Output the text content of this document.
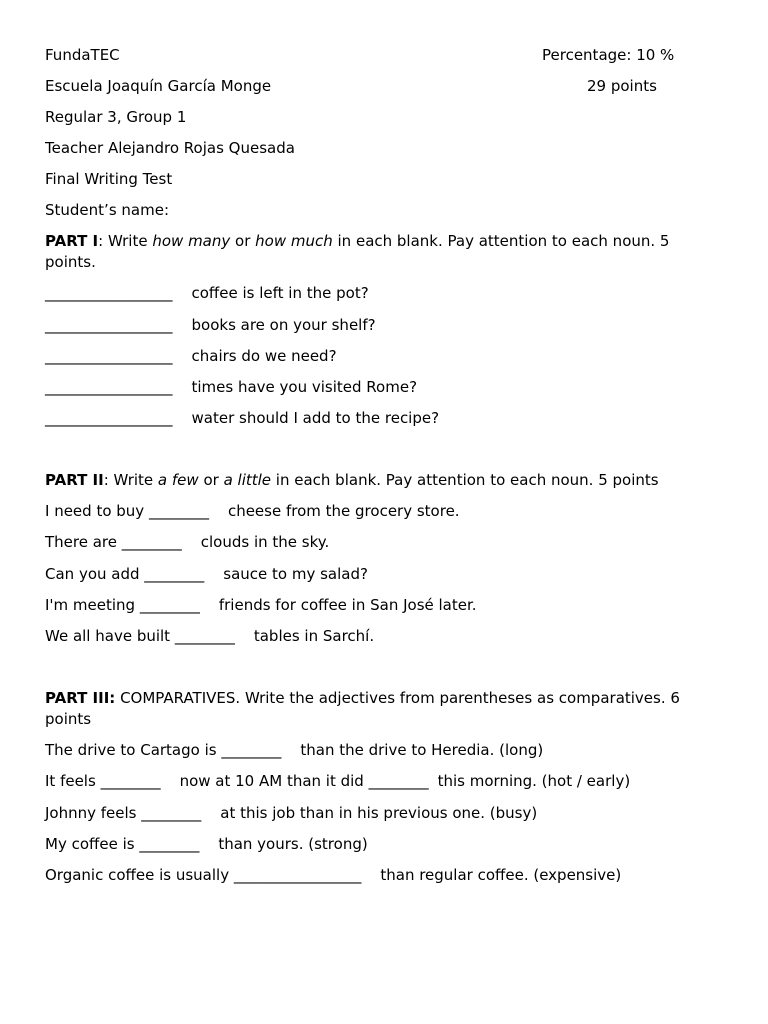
FundaTEC	Percentage: 10 %
Escuela Joaquín García Monge	29 points
Regular 3, Group 1
Teacher Alejandro Rojas Quesada
Final Writing Test
Student’s name:
PART I: Write how many or how much in each blank. Pay attention to each noun. 5 points.
_________________ coffee is left in the pot?
_________________ books are on your shelf?
_________________ chairs do we need?
_________________ times have you visited Rome?
_________________ water should I add to the recipe?
PART II: Write a few or a little in each blank. Pay attention to each noun. 5 points
I need to buy ________ cheese from the grocery store.
There are ________ clouds in the sky.
Can you add ________ sauce to my salad?
I'm meeting ________ friends for coffee in San José later.
We all have built ________ tables in Sarchí.
PART III: COMPARATIVES. Write the adjectives from parentheses as comparatives. 6 points
The drive to Cartago is ________ than the drive to Heredia. (long)
It feels ________ now at 10 AM than it did ________ this morning. (hot / early)
Johnny feels ________ at this job than in his previous one. (busy)
My coffee is ________ than yours. (strong)
Organic coffee is usually _________________ than regular coffee. (expensive)
